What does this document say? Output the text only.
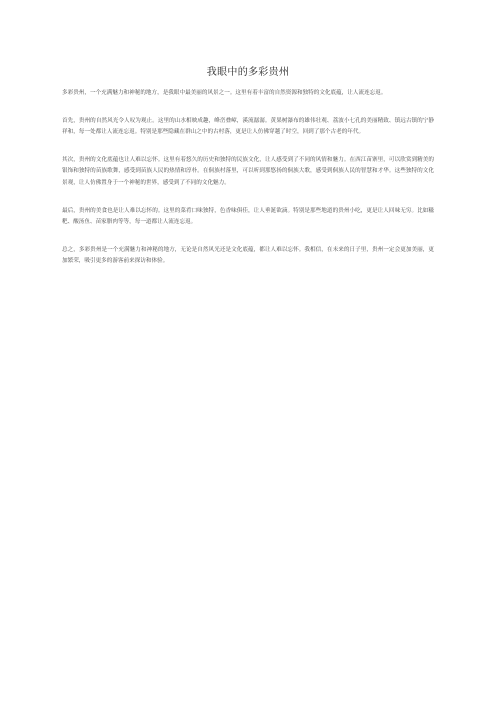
我眼中的多彩贵州

多彩贵州，一个充满魅力和神秘的地方，是我眼中最美丽的风景之一。这里有着丰富的自然资源和独特的文化底蕴，让人流连忘返。

首先，贵州的自然风光令人叹为观止。这里的山水相映成趣，峰峦叠嶂，溪流潺潺。黄果树瀑布的雄伟壮观、荔波小七孔的美丽精致、镇远古镇的宁静祥和，每一处都让人流连忘返。特别是那些隐藏在群山之中的古村落，更是让人仿佛穿越了时空，回到了那个古老的年代。

其次，贵州的文化底蕴也让人难以忘怀。这里有着悠久的历史和独特的民族文化，让人感受到了不同的风情和魅力。在西江苗寨里，可以欣赏到精美的银饰和独特的苗族歌舞，感受到苗族人民的热情和淳朴。在侗族村落里，可以听到那悠扬的侗族大歌，感受到侗族人民的智慧和才华。这些独特的文化景观，让人仿佛置身于一个神秘的世界，感受到了不同的文化魅力。

最后，贵州的美食也是让人难以忘怀的。这里的菜肴口味独特，色香味俱佳，让人垂涎欲滴。特别是那些地道的贵州小吃，更是让人回味无穷。比如糍粑、酸汤鱼、苗家腊肉等等，每一道都让人流连忘返。

总之，多彩贵州是一个充满魅力和神秘的地方，无论是自然风光还是文化底蕴，都让人难以忘怀。我相信，在未来的日子里，贵州一定会更加美丽，更加繁荣，吸引更多的游客前来探访和体验。
